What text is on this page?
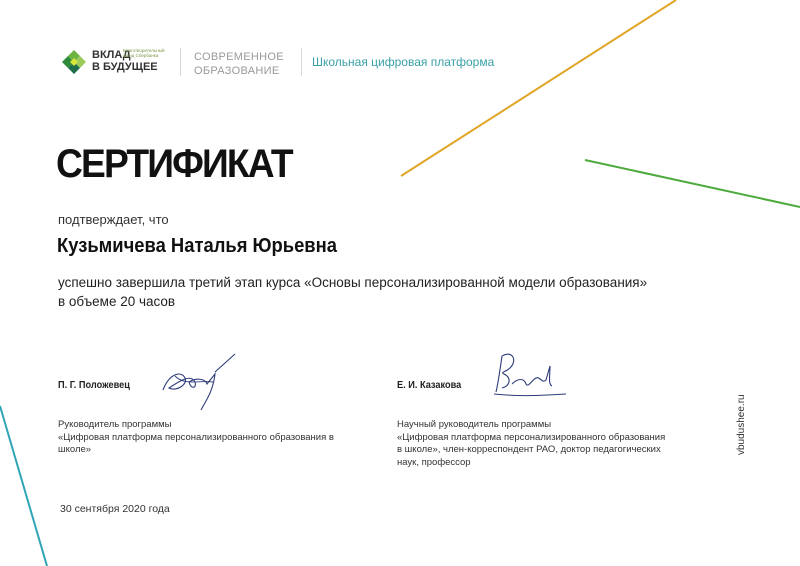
ВКЛАД
В БУДУЩЕЕ
Благотворительный фонд Сбербанка	СОВРЕМЕННОЕ
ОБРАЗОВАНИЕ
Школьная цифровая платформа
СЕРТИФИКАТ
подтверждает, что
Кузьмичева Наталья Юрьевна
успешно завершила третий этап курса «Основы персонализированной модели образования»
в объеме 20 часов
П. Г. Положевец
Руководитель программы
«Цифровая платформа персонализированного образования в
школе»
Е. И. Казакова
Научный руководитель программы
«Цифровая платформа персонализированного образования
в школе», член-корреспондент РАО, доктор педагогических
наук, профессор
30 сентября 2020 года
vbudushee.ru
